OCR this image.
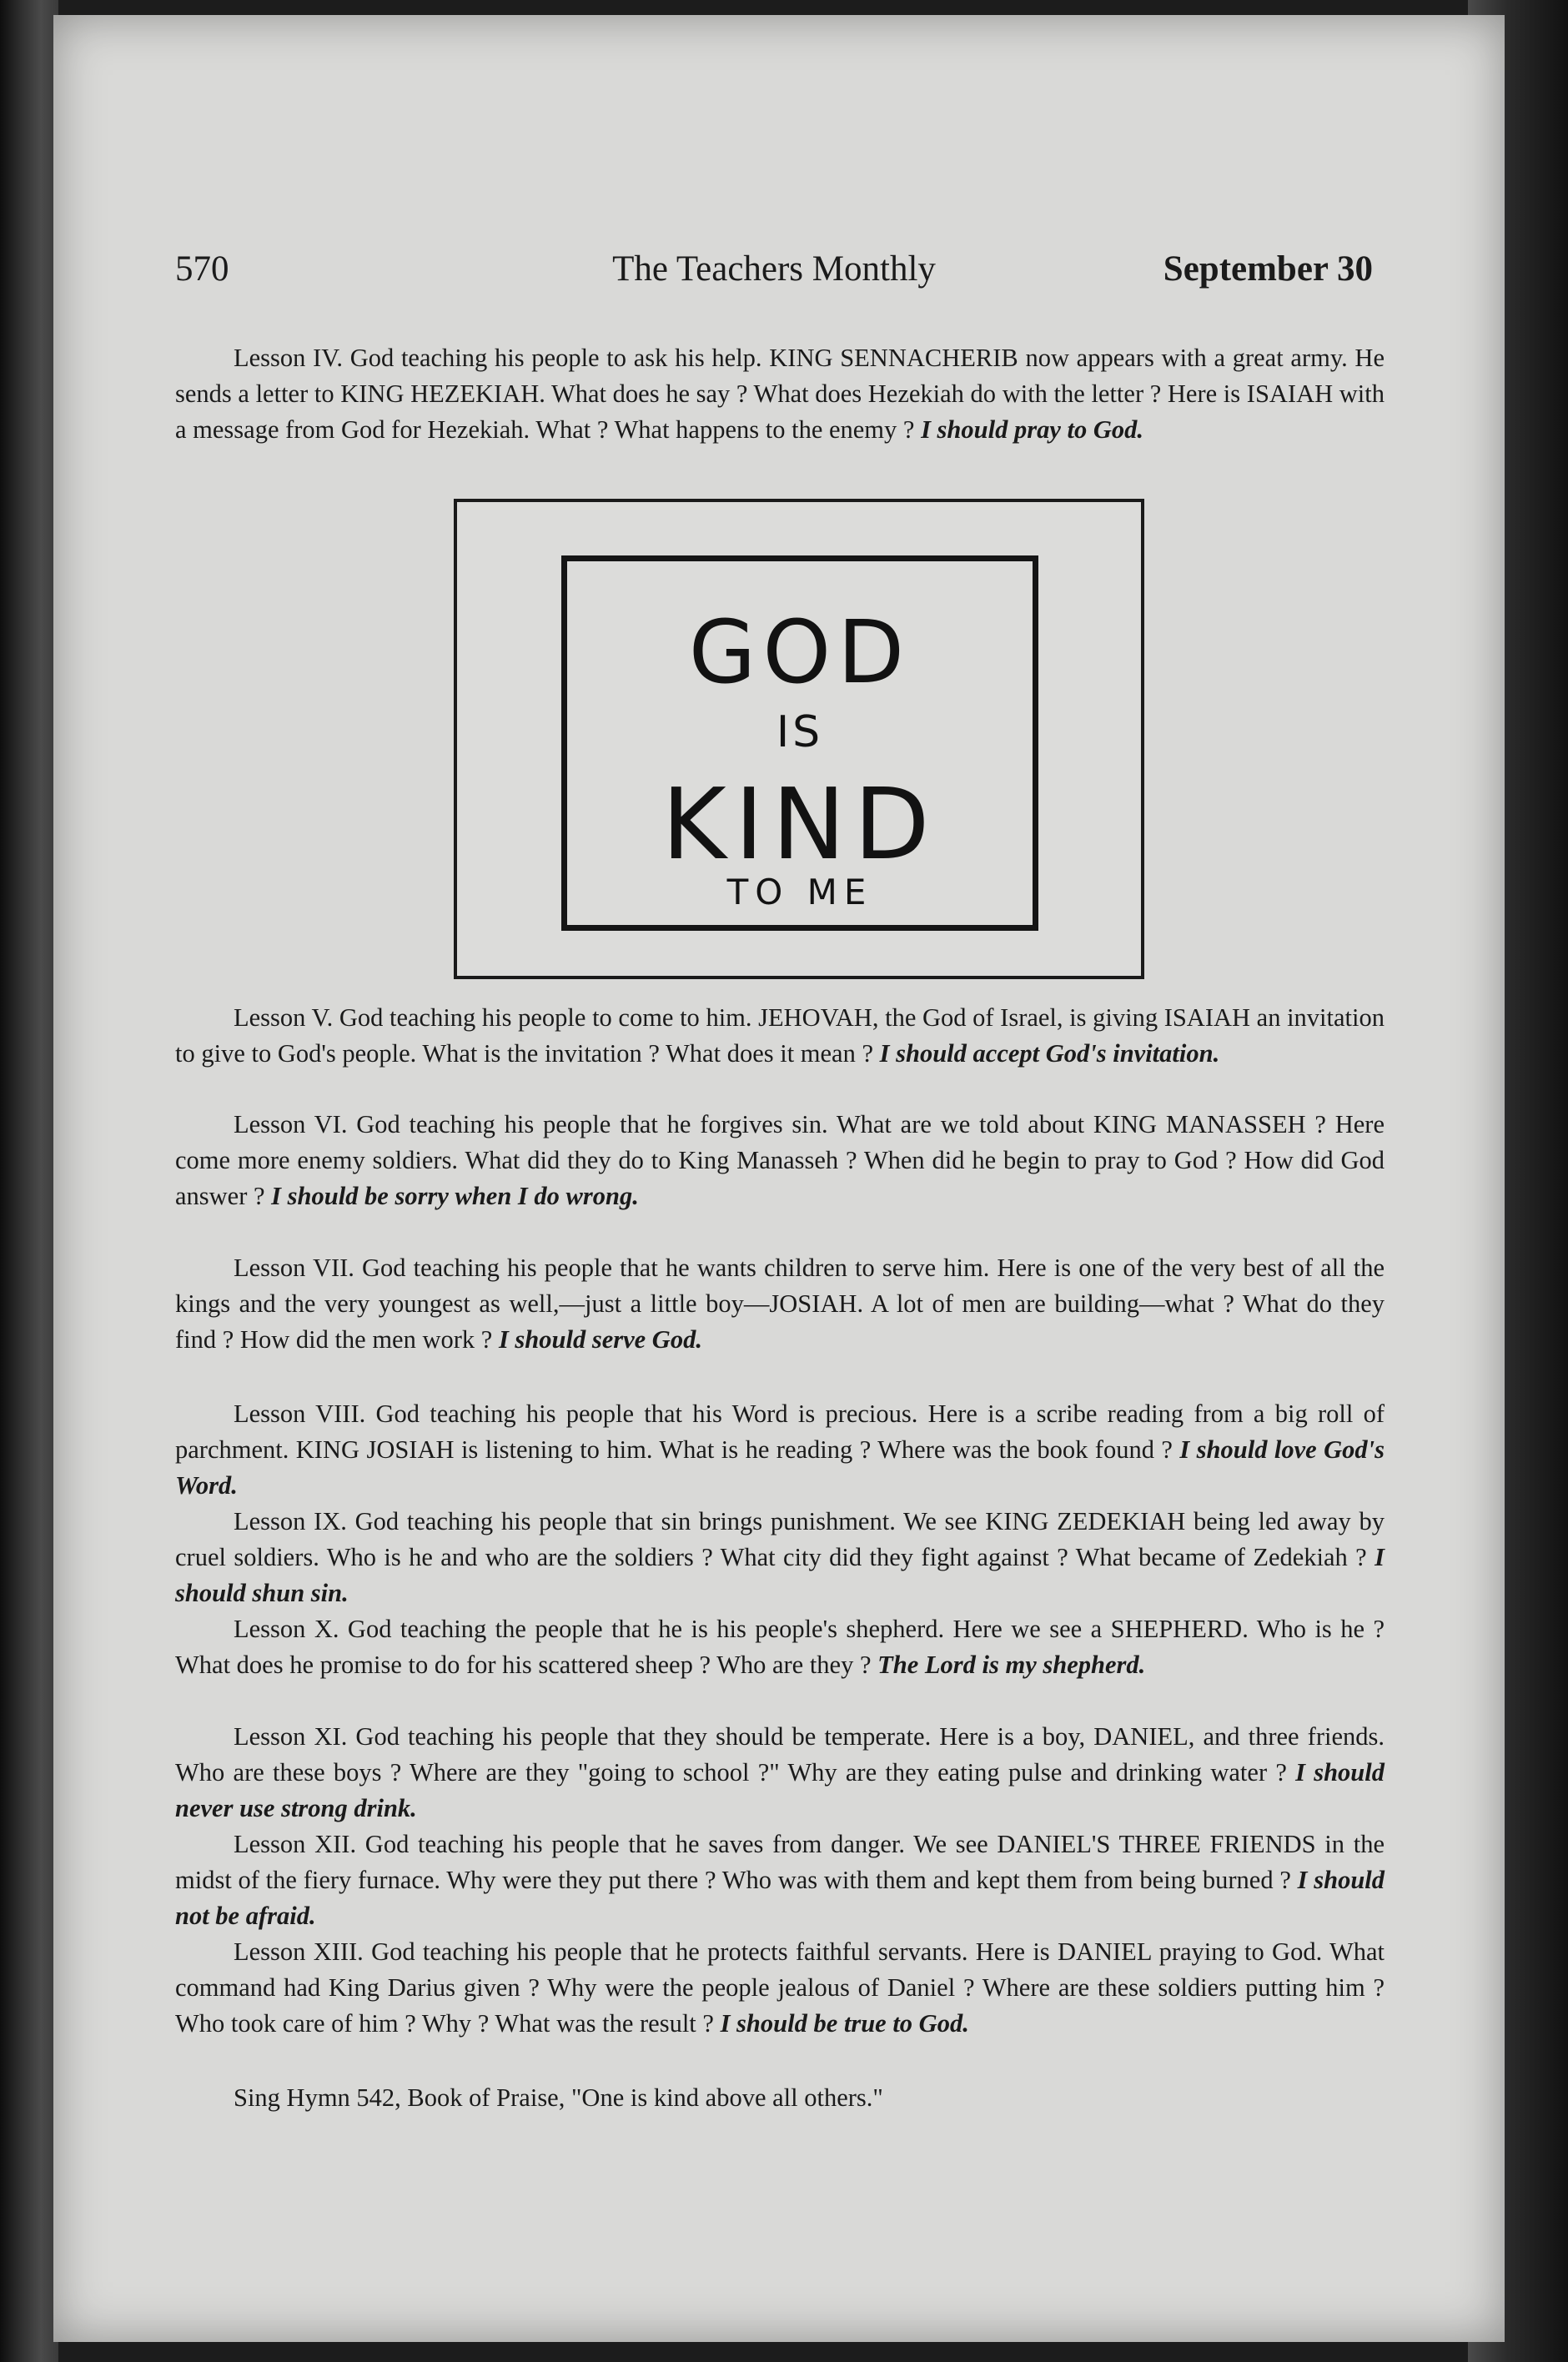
570	The Teachers Monthly	September 30

Lesson IV. God teaching his people to ask his help. KING SENNACHERIB now appears with a great army. He sends a letter to KING HEZEKIAH. What does he say ? What does Hezekiah do with the letter ? Here is ISAIAH with a message from God for Hezekiah. What ? What happens to the enemy ? I should pray to God.

GOD
IS
KIND
TO ME

Lesson V. God teaching his people to come to him. JEHOVAH, the God of Israel, is giving ISAIAH an invitation to give to God's people. What is the invitation ? What does it mean ? I should accept God's invitation.

Lesson VI. God teaching his people that he forgives sin. What are we told about KING MANASSEH ? Here come more enemy soldiers. What did they do to King Manasseh ? When did he begin to pray to God ? How did God answer ? I should be sorry when I do wrong.

Lesson VII. God teaching his people that he wants children to serve him. Here is one of the very best of all the kings and the very youngest as well,—just a little boy—JOSIAH. A lot of men are building—what ? What do they find ? How did the men work ? I should serve God.

Lesson VIII. God teaching his people that his Word is precious. Here is a scribe reading from a big roll of parchment. KING JOSIAH is listening to him. What is he reading ? Where was the book found ? I should love God's Word.

Lesson IX. God teaching his people that sin brings punishment. We see KING ZEDEKIAH being led away by cruel soldiers. Who is he and who are the soldiers ? What city did they fight against ? What became of Zedekiah ? I should shun sin.

Lesson X. God teaching the people that he is his people's shepherd. Here we see a SHEPHERD. Who is he ? What does he promise to do for his scattered sheep ? Who are they ? The Lord is my shepherd.

Lesson XI. God teaching his people that they should be temperate. Here is a boy, DANIEL, and three friends. Who are these boys ? Where are they "going to school ?" Why are they eating pulse and drinking water ? I should never use strong drink.

Lesson XII. God teaching his people that he saves from danger. We see DANIEL'S THREE FRIENDS in the midst of the fiery furnace. Why were they put there ? Who was with them and kept them from being burned ? I should not be afraid.

Lesson XIII. God teaching his people that he protects faithful servants. Here is DANIEL praying to God. What command had King Darius given ? Why were the people jealous of Daniel ? Where are these soldiers putting him ? Who took care of him ? Why ? What was the result ? I should be true to God.

Sing Hymn 542, Book of Praise, "One is kind above all others."
